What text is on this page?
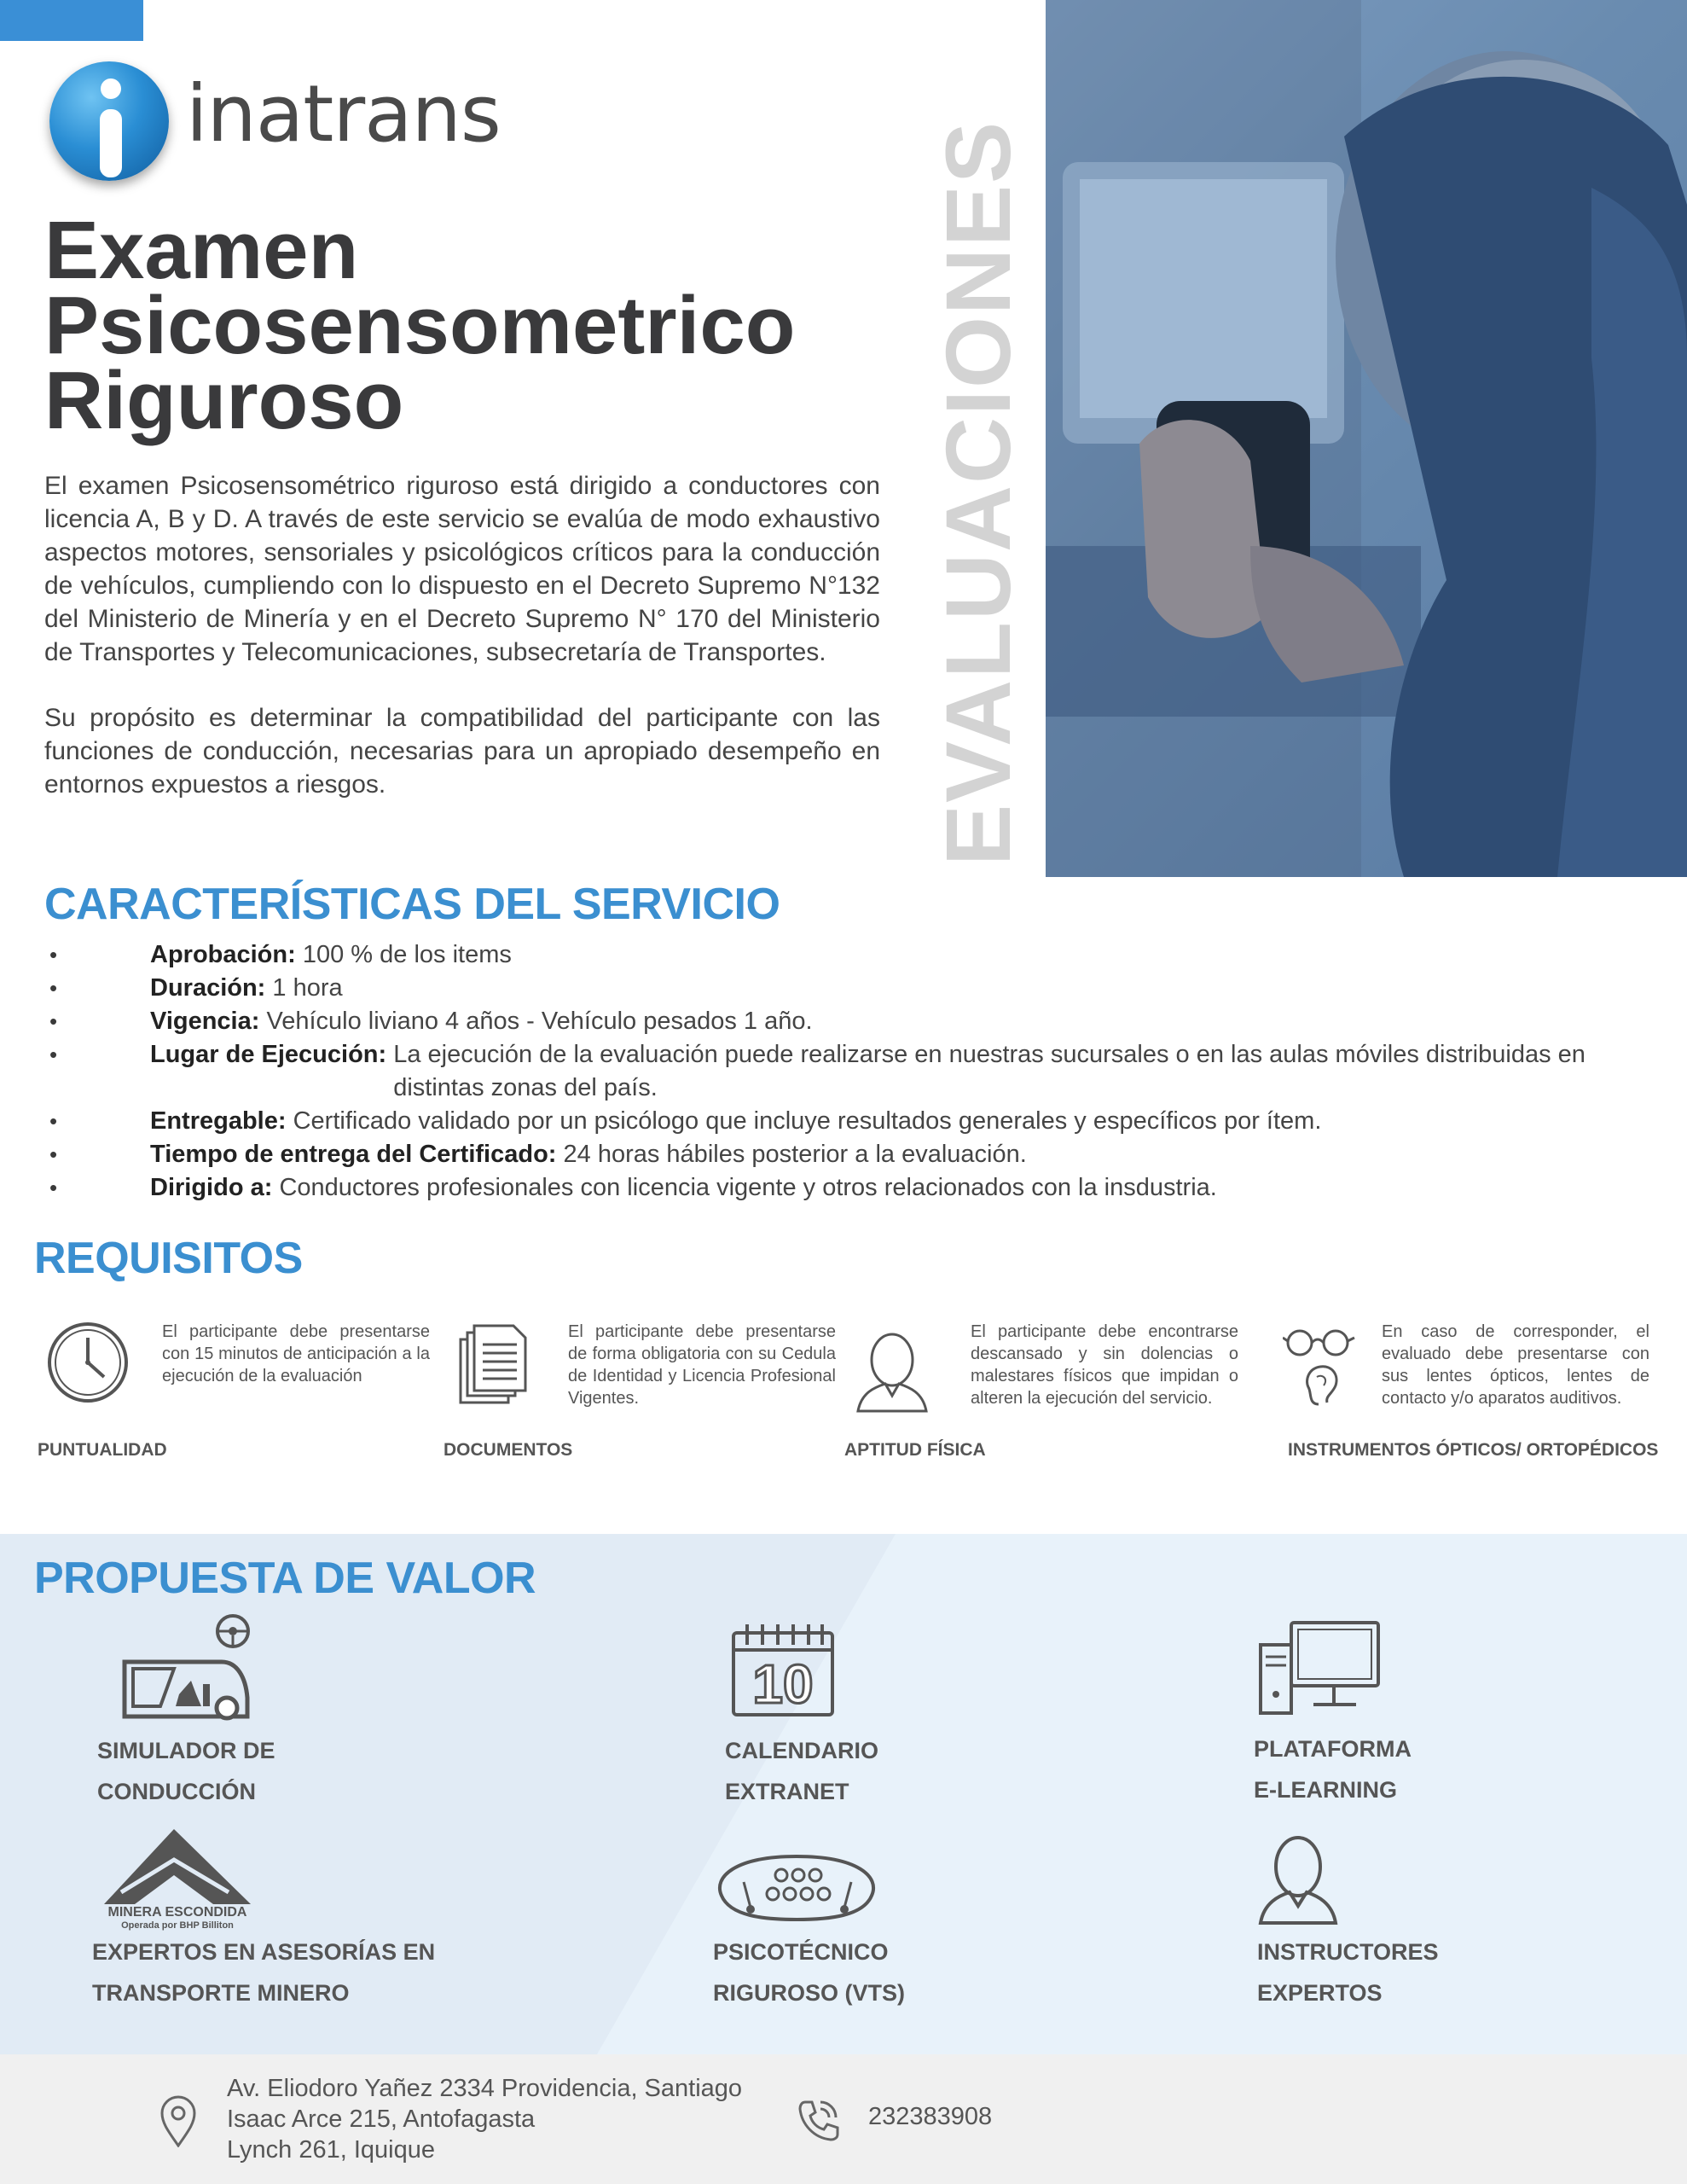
inatrans
Examen
Psicosensometrico
Riguroso
El examen Psicosensométrico riguroso está dirigido a conductores con licencia A, B y D. A través de este servicio se evalúa de modo exhaustivo aspectos motores, sensoriales y psicológicos críticos para la conducción de vehículos, cumpliendo con lo dispuesto en el Decreto Supremo N°132 del Ministerio de Minería y en el Decreto Supremo N° 170 del Ministerio de Transportes y Telecomunicaciones, subsecretaría de Transportes.
Su propósito es determinar la compatibilidad del participante con las funciones de conducción, necesarias para un apropiado desempeño en entornos expuestos a riesgos.	EVALUACIONES
CARACTERÍSTICAS DEL SERVICIO
•	Aprobación: 100 % de los items
•	Duración: 1 hora
•	Vigencia: Vehículo liviano 4 años - Vehículo pesados 1 año.
•	Lugar de Ejecución: La ejecución de la evaluación puede realizarse en nuestras sucursales o en las aulas móviles distribuidas en distintas zonas del país.
•	Entregable: Certificado validado por un psicólogo que incluye resultados generales y específicos por ítem.
•	Tiempo de entrega del Certificado: 24 horas hábiles posterior a la evaluación.
•	Dirigido a: Conductores profesionales con licencia vigente y otros relacionados con la insdustria.
REQUISITOS
El participante debe presentarse con 15 minutos de anticipación a la ejecución de la evaluación
PUNTUALIDAD
El participante debe presentarse de forma obligatoria con su Cedula de Identidad y Licencia Profesional Vigentes.
DOCUMENTOS
El participante debe encontrarse descansado y sin dolencias o malestares físicos que impidan o alteren la ejecución del servicio.
APTITUD FÍSICA
En caso de corresponder, el evaluado debe presentarse con sus lentes ópticos, lentes de contacto y/o aparatos auditivos.
INSTRUMENTOS ÓPTICOS/ ORTOPÉDICOS
PROPUESTA DE VALOR
SIMULADOR DE
CONDUCCIÓN
10
CALENDARIO
EXTRANET
PLATAFORMA
E-LEARNING
MINERA ESCONDIDA
Operada por BHP Billiton
EXPERTOS EN ASESORÍAS EN
TRANSPORTE MINERO
PSICOTÉCNICO
RIGUROSO (VTS)
INSTRUCTORES
EXPERTOS
Av. Eliodoro Yañez 2334 Providencia, Santiago
Isaac Arce 215, Antofagasta
Lynch 261, Iquique
232383908
